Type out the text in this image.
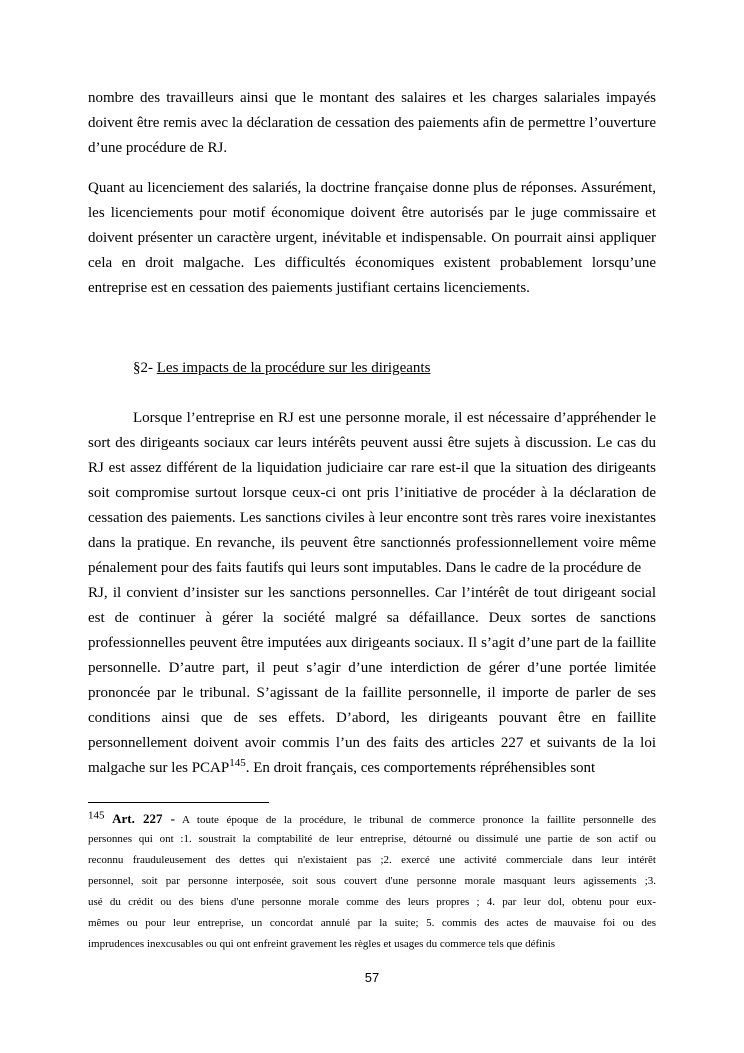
nombre des travailleurs ainsi que le montant des salaires et les charges salariales impayés
doivent être remis avec la déclaration de cessation des paiements afin de permettre l’ouverture
d’une procédure de RJ.
Quant au licenciement des salariés, la doctrine française donne plus de réponses. Assurément,
les licenciements pour motif économique doivent être autorisés par le juge commissaire et
doivent présenter un caractère urgent, inévitable et indispensable. On pourrait ainsi appliquer
cela en droit malgache. Les difficultés économiques existent probablement lorsqu’une
entreprise est en cessation des paiements justifiant certains licenciements.
§2- Les impacts de la procédure sur les dirigeants
Lorsque l’entreprise en RJ est une personne morale, il est nécessaire d’appréhender le
sort des dirigeants sociaux car leurs intérêts peuvent aussi être sujets à discussion. Le cas du
RJ est assez différent de la liquidation judiciaire car rare est-il que la situation des dirigeants
soit compromise surtout lorsque ceux-ci ont pris l’initiative de procéder à la déclaration de
cessation des paiements. Les sanctions civiles à leur encontre sont très rares voire inexistantes
dans la pratique. En revanche, ils peuvent être sanctionnés professionnellement voire même
pénalement pour des faits fautifs qui leurs sont imputables. Dans le cadre de la procédure de
RJ, il convient d’insister sur les sanctions personnelles. Car l’intérêt de tout dirigeant social
est de continuer à gérer la société malgré sa défaillance. Deux sortes de sanctions
professionnelles peuvent être imputées aux dirigeants sociaux. Il s’agit d’une part de la faillite
personnelle. D’autre part, il peut s’agir d’une interdiction de gérer d’une portée limitée
prononcée par le tribunal. S’agissant de la faillite personnelle, il importe de parler de ses
conditions ainsi que de ses effets. D’abord, les dirigeants pouvant être en faillite
personnellement doivent avoir commis l’un des faits des articles 227 et suivants de la loi
malgache sur les PCAP$^{145}$. En droit français, ces comportements répréhensibles sont
145 Art. 227 - A toute époque de la procédure, le tribunal de commerce prononce la faillite personnelle des
personnes qui ont :1. soustrait la comptabilité de leur entreprise, détourné ou dissimulé une partie de son actif ou
reconnu frauduleusement des dettes qui n'existaient pas ;2. exercé une activité commerciale dans leur intérêt
personnel, soit par personne interposée, soit sous couvert d'une personne morale masquant leurs agissements ;3.
usé du crédit ou des biens d'une personne morale comme des leurs propres ; 4. par leur dol, obtenu pour eux-
mêmes ou pour leur entreprise, un concordat annulé par la suite; 5. commis des actes de mauvaise foi ou des
imprudences inexcusables ou qui ont enfreint gravement les règles et usages du commerce tels que définis
57
